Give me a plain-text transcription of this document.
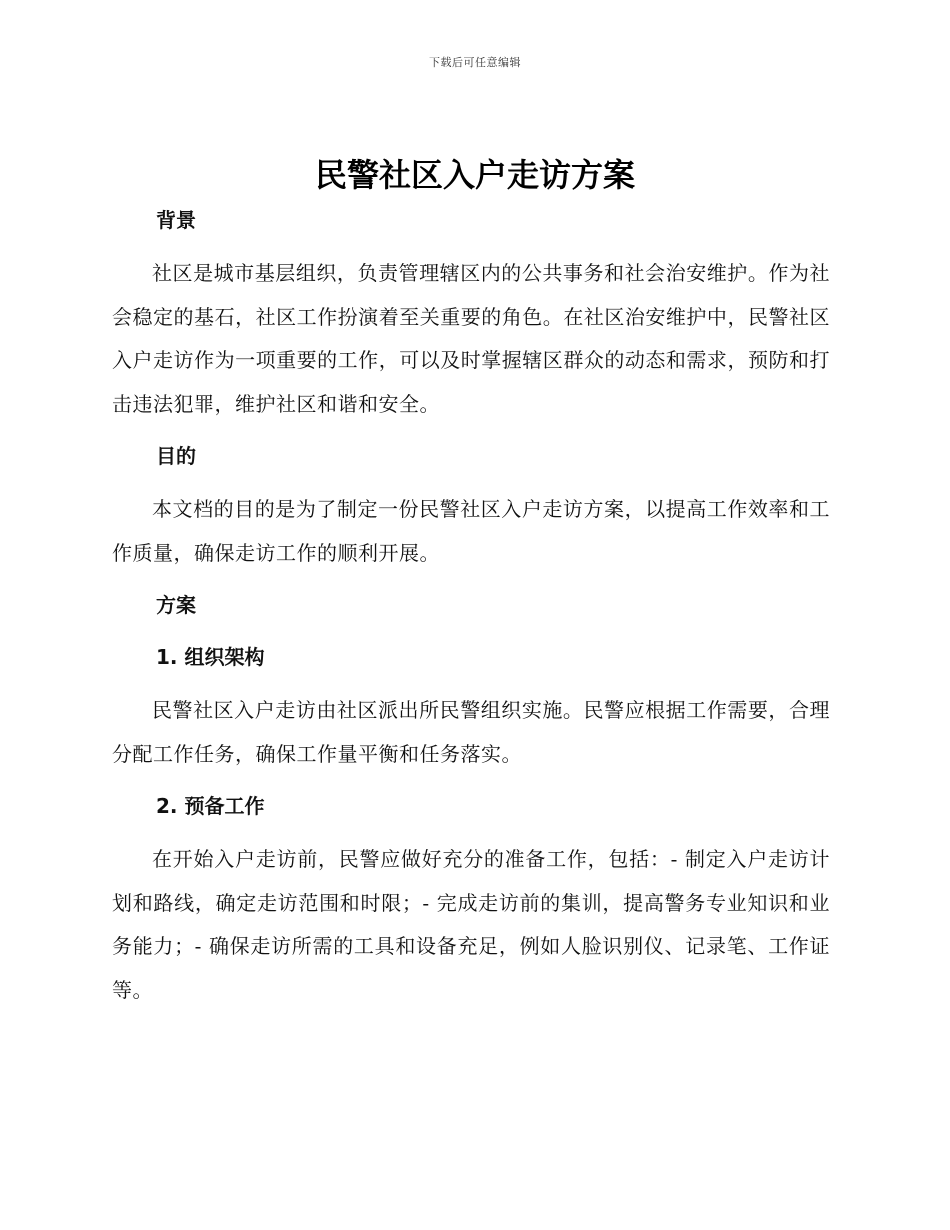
下载后可任意编辑
民警社区入户走访方案
背景

社区是城市基层组织，负责管理辖区内的公共事务和社会治安维护。作为社会稳定的基石，社区工作扮演着至关重要的角色。在社区治安维护中，民警社区入户走访作为一项重要的工作，可以及时掌握辖区群众的动态和需求，预防和打击违法犯罪，维护社区和谐和安全。

目的

本文档的目的是为了制定一份民警社区入户走访方案，以提高工作效率和工作质量，确保走访工作的顺利开展。

方案
1. 组织架构

民警社区入户走访由社区派出所民警组织实施。民警应根据工作需要，合理分配工作任务，确保工作量平衡和任务落实。

2. 预备工作

在开始入户走访前，民警应做好充分的准备工作，包括：- 制定入户走访计划和路线，确定走访范围和时限；- 完成走访前的集训，提高警务专业知识和业务能力；- 确保走访所需的工具和设备充足，例如人脸识别仪、记录笔、工作证等。
